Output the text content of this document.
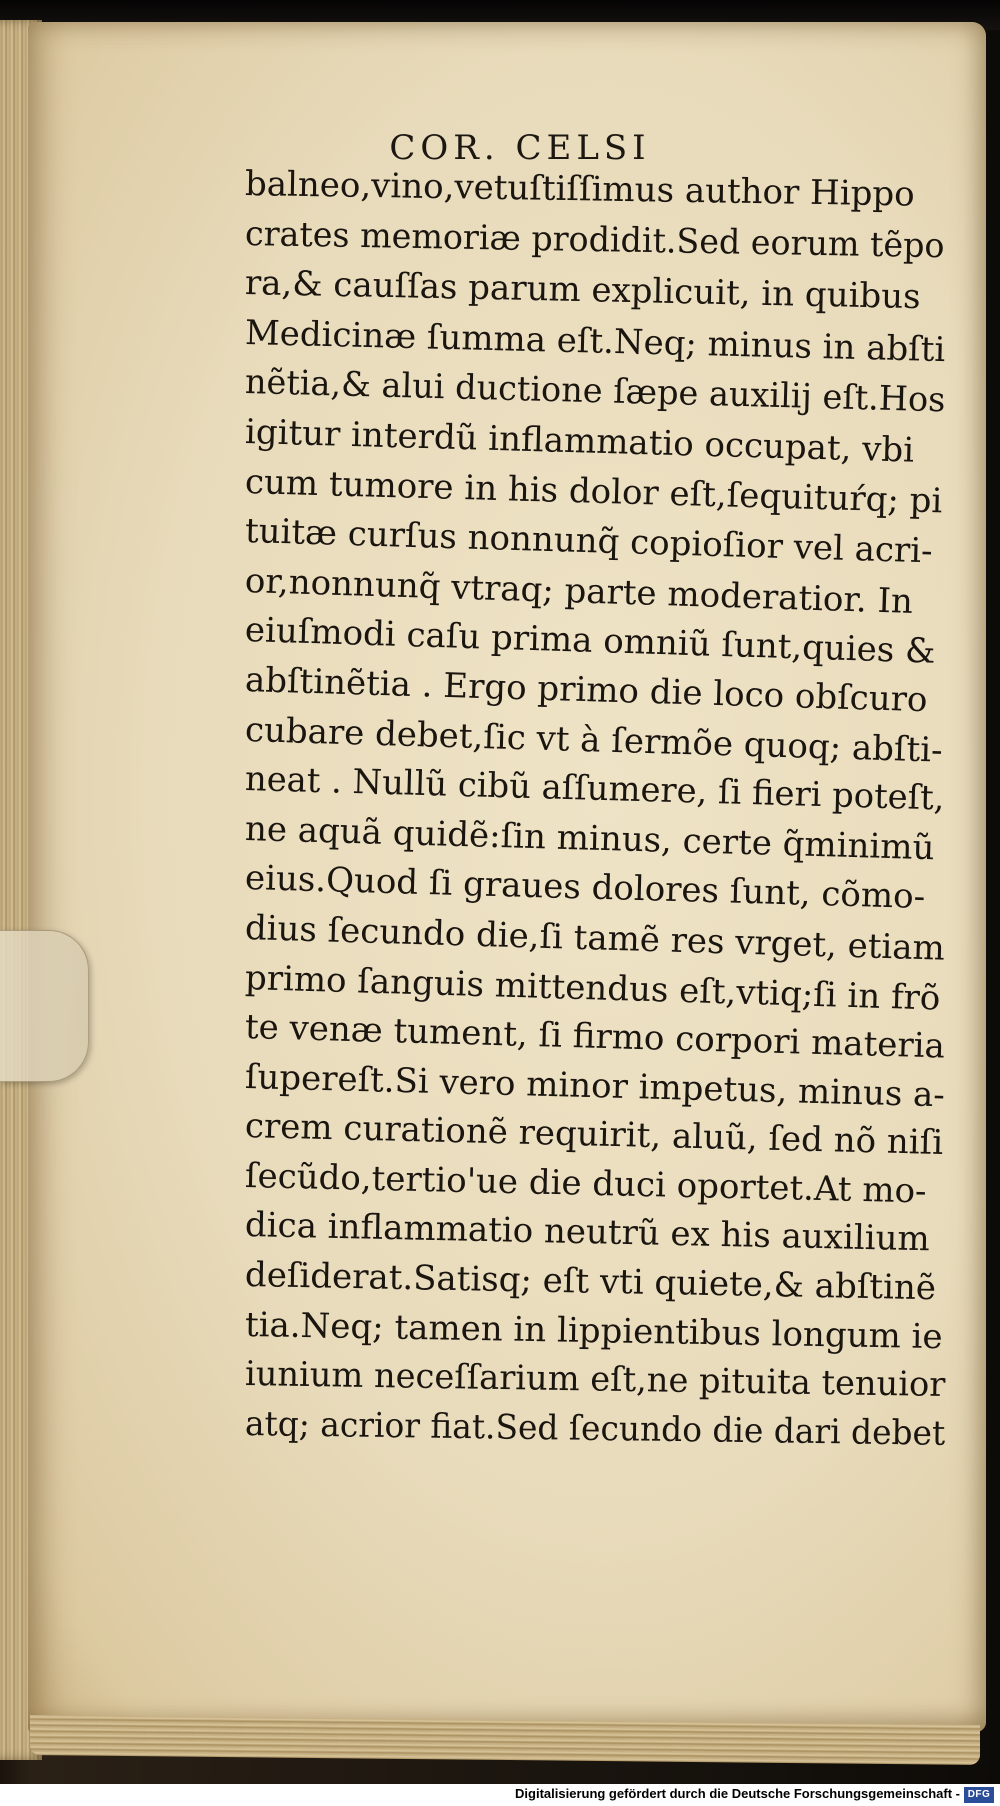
COR. CELSI
balneo,vino,vetuſtiſſimus author Hippo
crates memoriæ prodidit.Sed eorum tẽpo
ra,& cauſſas parum explicuit, in quibus
Medicinæ ſumma eſt.Neq; minus in abſti
nẽtia,& alui ductione ſæpe auxilij eſt.Hos
igitur interdũ inflammatio occupat, vbi
cum tumore in his dolor eſt,ſequituŕq; pi
tuitæ curſus nonnunq̃ copioſior vel acri-
or,nonnunq̃ vtraq; parte moderatior. In
eiuſmodi caſu prima omniũ ſunt,quies &
abſtinẽtia . Ergo primo die loco obſcuro
cubare debet,ſic vt à ſermõe quoq; abſti-
neat . Nullũ cibũ aſſumere, ſi fieri poteſt,
ne aquã quidẽ:ſin minus, certe q̃minimũ
eius.Quod ſi graues dolores ſunt, cõmo-
dius ſecundo die,ſi tamẽ res vrget, etiam
primo ſanguis mittendus eſt,vtiq;ſi in frõ
te venæ tument, ſi firmo corpori materia
ſupereſt.Si vero minor impetus, minus a-
crem curationẽ requirit, aluũ, ſed nõ niſi
ſecũdo,tertio'ue die duci oportet.At mo-
dica inflammatio neutrũ ex his auxilium
deſiderat.Satisq; eſt vti quiete,& abſtinẽ
tia.Neq; tamen in lippientibus longum ie
iunium neceſſarium eſt,ne pituita tenuior
atq; acrior fiat.Sed ſecundo die dari debet
Digitalisierung gefördert durch die Deutsche Forschungsgemeinschaft - DFG
